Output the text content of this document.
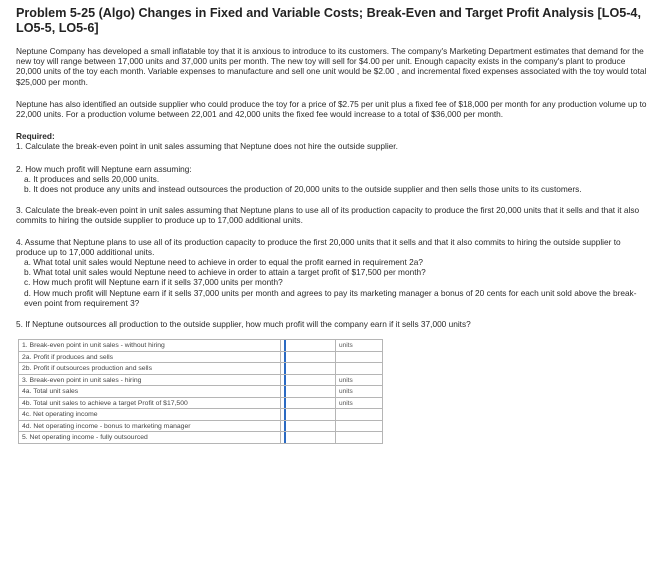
Problem 5-25 (Algo) Changes in Fixed and Variable Costs; Break-Even and Target Profit Analysis [LO5-4, LO5-5, LO5-6]

Neptune Company has developed a small inflatable toy that it is anxious to introduce to its customers. The company's Marketing Department estimates that demand for the new toy will range between 17,000 units and 37,000 units per month. The new toy will sell for $4.00 per unit. Enough capacity exists in the company's plant to produce 20,000 units of the toy each month. Variable expenses to manufacture and sell one unit would be $2.00 , and incremental fixed expenses associated with the toy would total $25,000 per month.

Neptune has also identified an outside supplier who could produce the toy for a price of $2.75 per unit plus a fixed fee of $18,000 per month for any production volume up to 22,000 units. For a production volume between 22,001 and 42,000 units the fixed fee would increase to a total of $36,000 per month.

Required:

1. Calculate the break-even point in unit sales assuming that Neptune does not hire the outside supplier.

2. How much profit will Neptune earn assuming:

a. It produces and sells 20,000 units.

b. It does not produce any units and instead outsources the production of 20,000 units to the outside supplier and then sells those units to its customers.

3. Calculate the break-even point in unit sales assuming that Neptune plans to use all of its production capacity to produce the first 20,000 units that it sells and that it also commits to hiring the outside supplier to produce up to 17,000 additional units.

4. Assume that Neptune plans to use all of its production capacity to produce the first 20,000 units that it sells and that it also commits to hiring the outside supplier to produce up to 17,000 additional units.

a. What total unit sales would Neptune need to achieve in order to equal the profit earned in requirement 2a?

b. What total unit sales would Neptune need to achieve in order to attain a target profit of $17,500 per month?

c. How much profit will Neptune earn if it sells 37,000 units per month?

d. How much profit will Neptune earn if it sells 37,000 units per month and agrees to pay its marketing manager a bonus of 20 cents for each unit sold above the break-even point from requirement 3?

5. If Neptune outsources all production to the outside supplier, how much profit will the company earn if it sells 37,000 units?

1. Break-even point in unit sales - without hiring		units
2a. Profit if produces and sells	

2b. Profit if outsources production and sells	

3. Break-even point in unit sales - hiring		units
4a. Total unit sales		units
4b. Total unit sales to achieve a target Profit of $17,500		units
4c. Net operating income	

4d. Net operating income - bonus to marketing manager	

5. Net operating income - fully outsourced	
